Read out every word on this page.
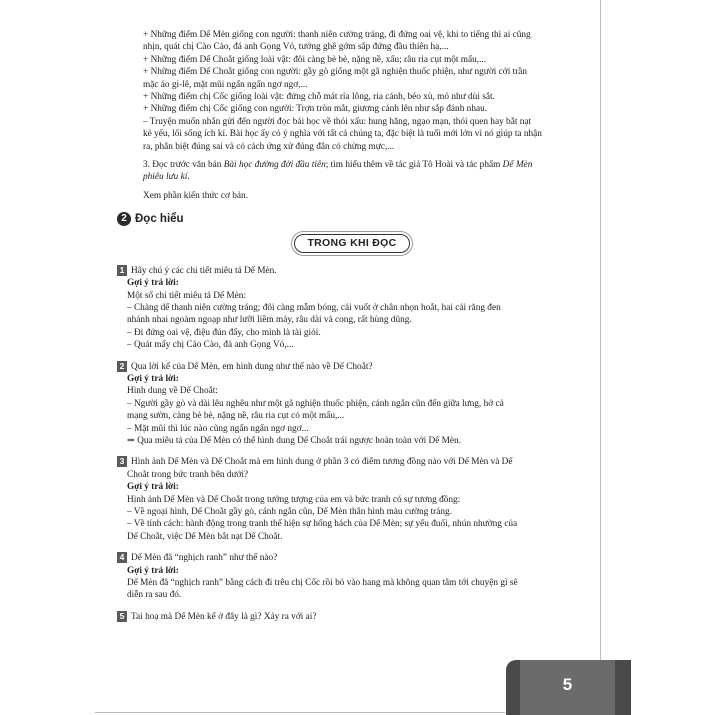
+ Những điểm Dế Mèn giống con người: thanh niên cường tráng, đi đứng oai vệ, khi to tiếng thì ai cũng

nhịn, quát chị Cào Cào, đá anh Gọng Vó, tưởng ghê gớm sắp đứng đầu thiên hạ,...

+ Những điểm Dế Choắt giống loài vật: đôi càng bè bè, nặng nề, xấu; râu ria cụt một mẩu,...

+ Những điểm Dế Choắt giống con người: gầy gò giống một gã nghiện thuốc phiện, như người cởi trần

mặc áo gi-lê, mặt mũi ngẩn ngẩn ngơ ngơ,...

+ Những điểm chị Cốc giống loài vật: đứng chỗ mát rỉa lông, rỉa cánh, béo xù, mỏ như dùi sắt.

+ Những điểm chị Cốc giống con người: Trợn tròn mắt, giương cánh lên như sắp đánh nhau.

– Truyện muốn nhắn gửi đến người đọc bài học về thói xấu: hung hăng, ngạo mạn, thói quen hay bắt nạt

kẻ yếu, lối sống ích kỉ. Bài học ấy có ý nghĩa với tất cả chúng ta, đặc biệt là tuổi mới lớn vì nó giúp ta nhận

ra, phân biệt đúng sai và có cách ứng xử đúng đắn có chừng mực,...

3. Đọc trước văn bản Bài học đường đời đầu tiên; tìm hiểu thêm về tác giả Tô Hoài và tác phẩm Dế Mèn

phiêu lưu kí.

Xem phần kiến thức cơ bản.

2 Đọc hiểu
TRONG KHI ĐỌC

1 Hãy chú ý các chi tiết miêu tả Dế Mèn.

Gợi ý trả lời:

Một số chi tiết miêu tả Dế Mèn:

– Chàng dế thanh niên cường tráng; đôi càng mẫm bóng, cái vuốt ở chân nhọn hoắt, hai cái răng đen

nhánh nhai ngoàm ngoạp như lưỡi liềm máy, râu dài và cong, rất hùng dũng.

– Đi đứng oai vệ, điệu đún đẩy, cho mình là tài giỏi.

– Quát mấy chị Cào Cào, đá anh Gọng Vó,...

2 Qua lời kể của Dế Mèn, em hình dung như thế nào về Dế Choắt?

Gợi ý trả lời:

Hình dung về Dế Choắt:

– Người gầy gò và dài lêu nghêu như một gã nghiện thuốc phiện, cánh ngắn cũn đến giữa lưng, hở cả

mạng sườn, càng bè bè, nặng nề, râu ria cụt có một mẩu,...

– Mặt mũi thì lúc nào cũng ngẩn ngẩn ngơ ngơ...

⇒ Qua miêu tả của Dế Mèn có thể hình dung Dế Choắt trái ngược hoàn toàn với Dế Mèn.

3 Hình ảnh Dế Mèn và Dế Choắt mà em hình dung ở phần 3 có điểm tương đồng nào với Dế Mèn và Dế

Choắt trong bức tranh bên dưới?

Gợi ý trả lời:

Hình ảnh Dế Mèn và Dế Choắt trong tưởng tượng của em và bức tranh có sự tương đồng:

– Về ngoại hình, Dế Choắt gầy gò, cánh ngắn cũn, Dế Mèn thân hình màu cường tráng.

– Về tính cách: hành động trong tranh thể hiện sự hống hách của Dế Mèn; sự yếu đuối, nhún nhường của

Dế Choắt, việc Dế Mèn bắt nạt Dế Choắt.

4 Dế Mèn đã “nghịch ranh” như thế nào?

Gợi ý trả lời:

Dế Mèn đã “nghịch ranh” bằng cách đi trêu chị Cốc rồi bỏ vào hang mà không quan tâm tới chuyện gì sẽ

diễn ra sau đó.

5 Tai hoạ mà Dế Mèn kể ở đây là gì? Xảy ra với ai?

5
